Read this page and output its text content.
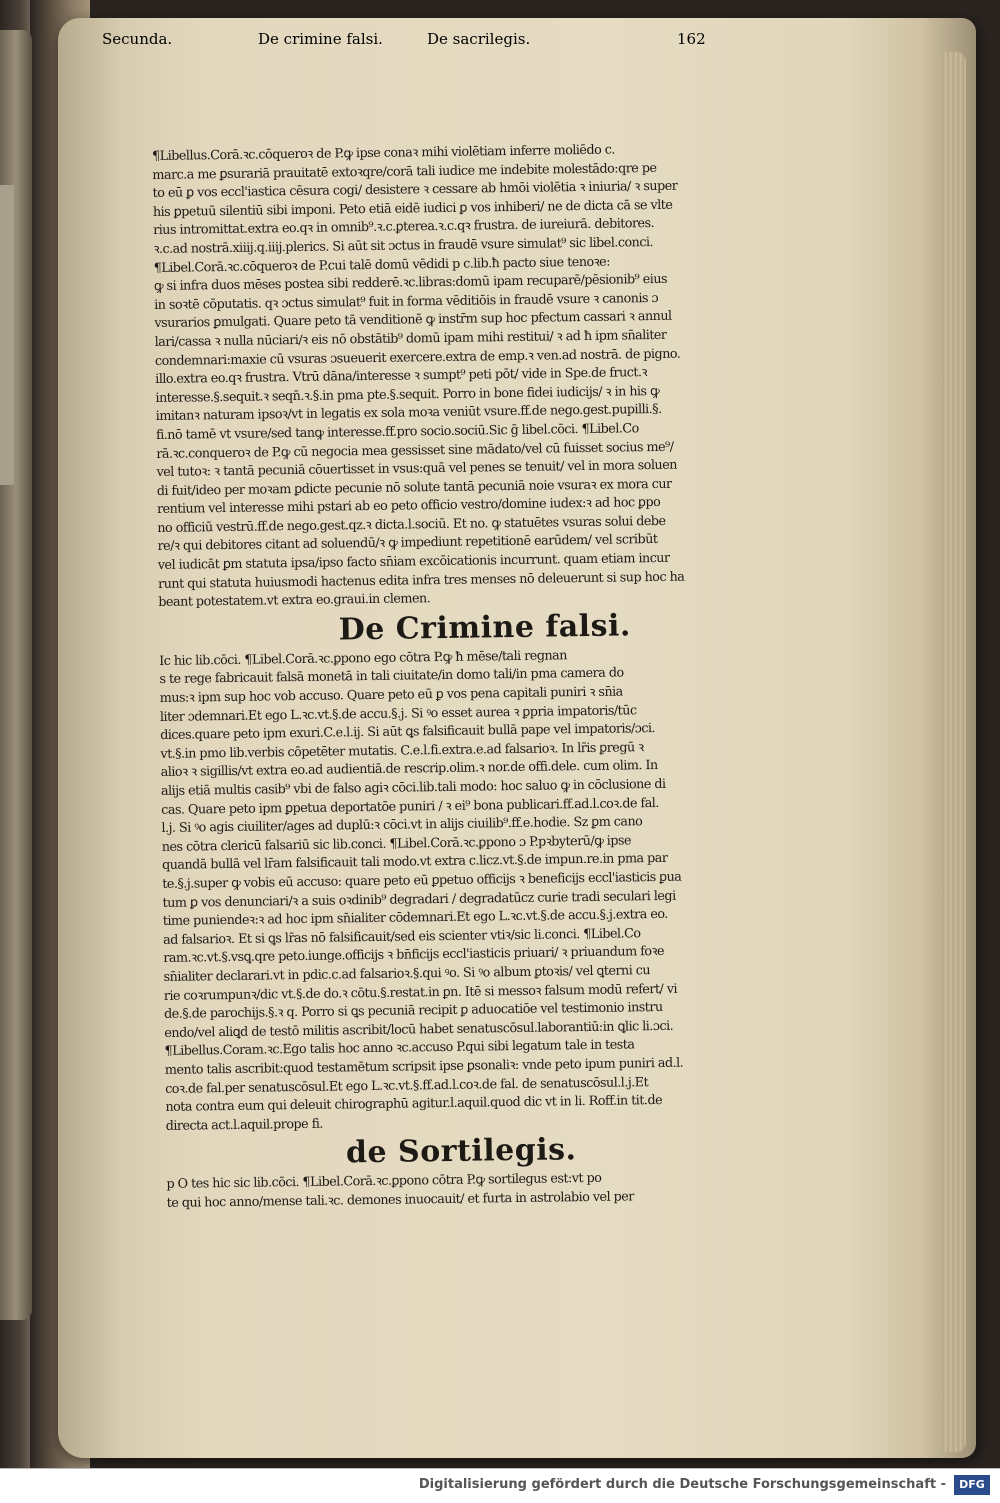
Secunda.	De crimine falsi.	De sacrilegis.	162
¶Libellus.Corā.ꝛc.cōqueroꝛ de P.ꝙ ipse conaꝛ mihi violētiam inferre moliēdo c.
marc.a me ꝑsurariā prauitatē extoꝛqre/corā tali iudice me indebite molestādo:qre pe
to eū ꝑ vos eccl'iastica cēsura cogi/ desistere ꝛ cessare ab hmōi violētia ꝛ iniuria/ ꝛ super
his ꝑpetuū silentiū sibi imponi. Peto etiā eidē iudici ꝑ vos inhiberi/ ne de dicta cā se vlte
rius intromittat.extra eo.qꝛ in omnib⁹.ꝛ.c.ꝑterea.ꝛ.c.qꝛ frustra. de iureiurā. debitores.
ꝛ.c.ad nostrā.xiiij.q.iiij.plerics. Si aūt sit ɔctus in fraudē vsure simulat⁹ sic libel.conci.
¶Libel.Corā.ꝛc.cōqueroꝛ de P.cui talē domū vēdidi p c.lib.ħ pacto siue tenoꝛe:
ꝙ si infra duos mēses postea sibi redderē.ꝛc.libras:domū ipam recuparē/pēsionib⁹ eius
in soꝛtē cōputatis. qꝛ ɔctus simulat⁹ fuit in forma vēditiōis in fraudē vsure ꝛ canonis ɔ
vsurarios ꝑmulgati. Quare peto tā venditionē ꝙ instr̄m sup hoc pfectum cassari ꝛ annul
lari/cassa ꝛ nulla nūciari/ꝛ eis nō obstātib⁹ domū ipam mihi restitui/ ꝛ ad ħ ipm sn̄aliter
condemnari:maxie cū vsuras ɔsueuerit exercere.extra de emp.ꝛ ven.ad nostrā. de pigno.
illo.extra eo.qꝛ frustra. Vtrū dāna/interesse ꝛ sumpt⁹ peti pōt/ vide in Spe.de fruct.ꝛ
interesse.§.sequit.ꝛ seqn̄.ꝛ.§.in pma pte.§.sequit. Porro in bone fidei iudicijs/ ꝛ in his ꝙ
imitanꝛ naturam ipsoꝛ/vt in legatis ex sola moꝛa veniūt vsure.ff.de nego.gest.pupilli.§.
fi.nō tamē vt vsure/sed tanꝙ interesse.ff.pro socio.sociū.Sic ḡ libel.cōci. ¶Libel.Co
rā.ꝛc.conqueroꝛ de P.ꝙ cū negocia mea gessisset sine mādato/vel cū fuisset socius me⁹/
vel tutoꝛ: ꝛ tantā pecuniā cōuertisset in vsus:quā vel penes se tenuit/ vel in mora soluen
di fuit/ideo per moꝛam ꝑdicte pecunie nō solute tantā pecuniā noie vsuraꝛ ex mora cur
rentium vel interesse mihi pstari ab eo peto officio vestro/domine iudex:ꝛ ad hoc ꝑpo
no officiū vestrū.ff.de nego.gest.qz.ꝛ dicta.l.sociū. Et no. ꝙ statuētes vsuras solui debe
re/ꝛ qui debitores citant ad soluendū/ꝛ ꝙ impediunt repetitionē earūdem/ vel scribūt
vel iudicāt ꝑm statuta ipsa/ipso facto sn̄iam excōicationis incurrunt. quam etiam incur
runt qui statuta huiusmodi hactenus edita infra tres menses nō deleuerunt si sup hoc ha
beant potestatem.vt extra eo.graui.in clemen.
De Crimine falsi.
Ic hic lib.cōci. ¶Libel.Corā.ꝛc.ꝑpono ego cōtra P.ꝙ ħ mēse/tali regnan
s te rege fabricauit falsā monetā in tali ciuitate/in domo tali/in pma camera do
mus:ꝛ ipm sup hoc vob accuso. Quare peto eū ꝑ vos pena capitali puniri ꝛ sn̄ia
liter ɔdemnari.Et ego L.ꝛc.vt.§.de accu.§.j. Si ꝰo esset aurea ꝛ ꝑpria impatoris/tūc
dices.quare peto ipm exuri.C.e.l.ij. Si aūt ꝗs falsificauit bullā pape vel impatoris/ɔci.
vt.§.in pmo lib.verbis cōpetēter mutatis. C.e.l.fi.extra.e.ad falsarioꝛ. In lr̄is ꝑregū ꝛ
alioꝛ ꝛ sigillis/vt extra eo.ad audientiā.de rescrip.olim.ꝛ nor.de offi.dele. cum olim. In
alijs etiā multis casib⁹ vbi de falso agiꝛ cōci.lib.tali modo: hoc saluo ꝙ in cōclusione di
cas. Quare peto ipm ꝑpetua deportatōe puniri / ꝛ ei⁹ bona publicari.ff.ad.l.coꝛ.de fal.
l.j. Si ꝰo agis ciuiliter/ages ad duplū:ꝛ cōci.vt in alijs ciuilib⁹.ff.e.hodie. Sz ꝑm cano
nes cōtra clericū falsariū sic lib.conci. ¶Libel.Corā.ꝛc.ꝑpono ɔ P.pꝛbyterū/ꝙ ipse
quandā bullā vel lr̄am falsificauit tali modo.vt extra c.licz.vt.§.de impun.re.in pma par
te.§.j.super ꝙ vobis eū accuso: quare peto eū ꝑpetuo officijs ꝛ beneficijs eccl'iasticis ꝑua
tum ꝑ vos denunciari/ꝛ a suis oꝛdinib⁹ degradari / degradatūcz curie tradi seculari legi
time puniendeꝛ:ꝛ ad hoc ipm sn̄ialiter cōdemnari.Et ego L.ꝛc.vt.§.de accu.§.j.extra eo.
ad falsarioꝛ. Et si ꝗs lr̄as nō falsificauit/sed eis scienter vtiꝛ/sic li.conci. ¶Libel.Co
ram.ꝛc.vt.§.vsꝗ.qre peto.iunge.officijs ꝛ bn̄ficijs eccl'iasticis priuari/ ꝛ priuandum foꝛe
sn̄ialiter declarari.vt in pdic.c.ad falsarioꝛ.§.qui ꝰo. Si ꝰo album ꝑtoꝛis/ vel ꝗterni cu
rie coꝛrumpunꝛ/dic vt.§.de do.ꝛ cōtu.§.restat.in ꝑn. Itē si messoꝛ falsum modū refert/ vi
de.§.de parochijs.§.ꝛ q. Porro si ꝗs pecuniā recipit ꝑ aduocatiōe vel testimonio instru
endo/vel aliꝗd de testō militis ascribit/locū habet senatuscōsul.laborantiū:in ꝗlic li.ɔci.
¶Libellus.Coram.ꝛc.Ego talis hoc anno ꝛc.accuso P.qui sibi legatum tale in testa
mento talis ascribit:quod testamētum scripsit ipse ꝑsonaliꝛ: vnde peto ipum puniri ad.l.
coꝛ.de fal.per senatuscōsul.Et ego L.ꝛc.vt.§.ff.ad.l.coꝛ.de fal. de senatuscōsul.l.j.Et
nota contra eum qui deleuit chirographū agitur.l.aquil.quod dic vt in li. Roff.in tit.de
directa act.l.aquil.prope fi.
de Sortilegis.
p O tes hic sic lib.cōci. ¶Libel.Corā.ꝛc.ꝑpono cōtra P.ꝙ sortilegus est:vt po
te qui hoc anno/mense tali.ꝛc. demones inuocauit/ et furta in astrolabio vel per
Digitalisierung gefördert durch die Deutsche Forschungsgemeinschaft -	DFG
